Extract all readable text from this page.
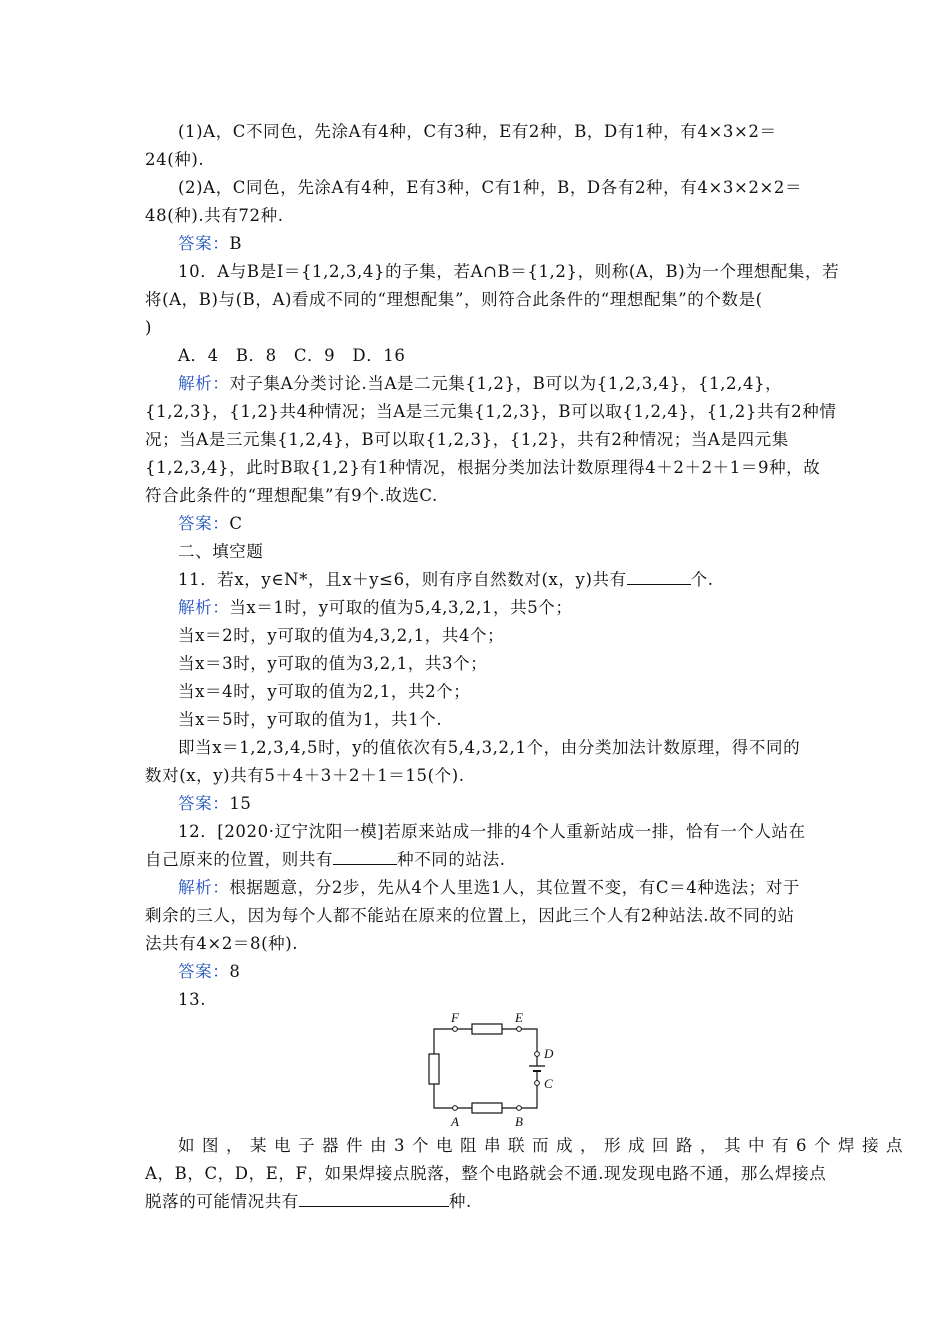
(1)A，C不同色，先涂A有4种，C有3种，E有2种，B，D有1种，有4×3×2＝
24(种).
(2)A，C同色，先涂A有4种，E有3种，C有1种，B，D各有2种，有4×3×2×2＝
48(种).共有72种.
答案：B
10．A与B是I＝{1,2,3,4}的子集，若A∩B＝{1,2}，则称(A，B)为一个理想配集，若
将(A，B)与(B，A)看成不同的“理想配集”，则符合此条件的“理想配集”的个数是(
)
A．4　B．8　C．9　D．16
解析：对子集A分类讨论.当A是二元集{1,2}，B可以为{1,2,3,4}，{1,2,4}，
{1,2,3}，{1,2}共4种情况；当A是三元集{1,2,3}，B可以取{1,2,4}，{1,2}共有2种情
况；当A是三元集{1,2,4}，B可以取{1,2,3}，{1,2}，共有2种情况；当A是四元集
{1,2,3,4}，此时B取{1,2}有1种情况，根据分类加法计数原理得4＋2＋2＋1＝9种，故
符合此条件的“理想配集”有9个.故选C.
答案：C
二、填空题
11．若x，y∈N*，且x＋y≤6，则有序自然数对(x，y)共有	个.
解析：当x＝1时，y可取的值为5,4,3,2,1，共5个；
当x＝2时，y可取的值为4,3,2,1，共4个；
当x＝3时，y可取的值为3,2,1，共3个；
当x＝4时，y可取的值为2,1，共2个；
当x＝5时，y可取的值为1，共1个.
即当x＝1,2,3,4,5时，y的值依次有5,4,3,2,1个，由分类加法计数原理，得不同的
数对(x，y)共有5＋4＋3＋2＋1＝15(个).
答案：15
12．[2020·辽宁沈阳一模]若原来站成一排的4个人重新站成一排，恰有一个人站在
自己原来的位置，则共有	种不同的站法.
解析：根据题意，分2步，先从4个人里选1人，其位置不变，有C＝4种选法；对于
剩余的三人，因为每个人都不能站在原来的位置上，因此三个人有2种站法.故不同的站
法共有4×2＝8(种).
答案：8
13.
F	E
D
C
A	B
如图，某电子器件由3个电阻串联而成，形成回路，其中有6个焊接点
A，B，C，D，E，F，如果焊接点脱落，整个电路就会不通.现发现电路不通，那么焊接点
脱落的可能情况共有	种.
